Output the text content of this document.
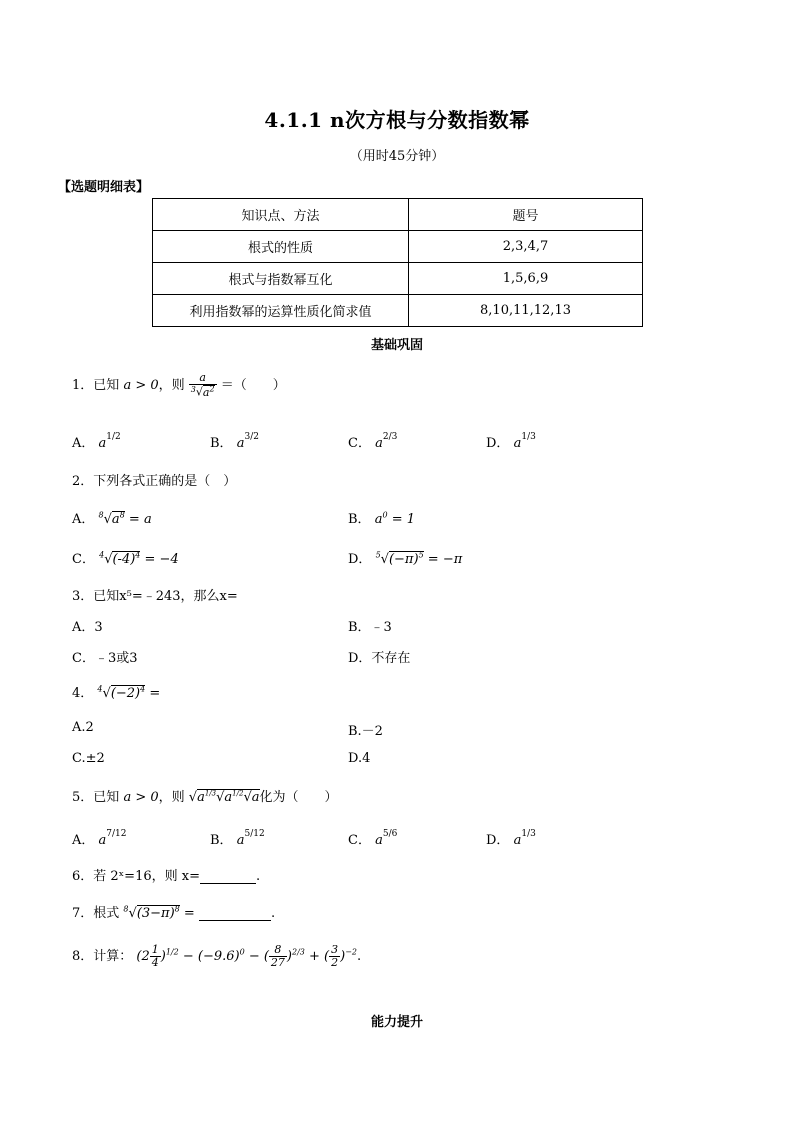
4.1.1 n次方根与分数指数幂
（用时45分钟）
【选题明细表】
知识点、方法	题号
根式的性质	2,3,4,7
根式与指数幂互化	1,5,6,9
利用指数幂的运算性质化简求值	8,10,11,12,13
基础巩固
1．已知 a > 0，则 $\frac{a}{^3√a^2}$ ＝（　　）
A． $a^{1/2}$	B． $a^{3/2}$	C． $a^{2/3}$	D． $a^{1/3}$
2．下列各式正确的是（　）
A． $^8√a^8 = a$	B． $a^0 = 1$
C． $^4√(-4)^4 = -4$	D． $^5√(-\pi)^5 = -\pi$
3．已知x⁵=﹣243，那么x=
A．3	B．﹣3
C．﹣3或3	D．不存在
4． $^4√(-2)^4$ =
A.2	B.－2
C.±2	D.4
5．已知 a > 0，则 $√a^{1/3}√a^{1/2}√a$化为（　　）
A． $a^{7/12}$	B． $a^{5/12}$	C． $a^{5/6}$	D． $a^{1/3}$
6．若 2ˣ=16，则 x=	.
7．根式 $^8√(3-\pi)^8$ =	.
8．计算： $(2 \frac{1}{4} )^{1/2} - (-9.6)^0$ − ( $\frac{8}{27} )^{2/3}$ + ( $\frac{3}{2} )^{-2}$.
能力提升
